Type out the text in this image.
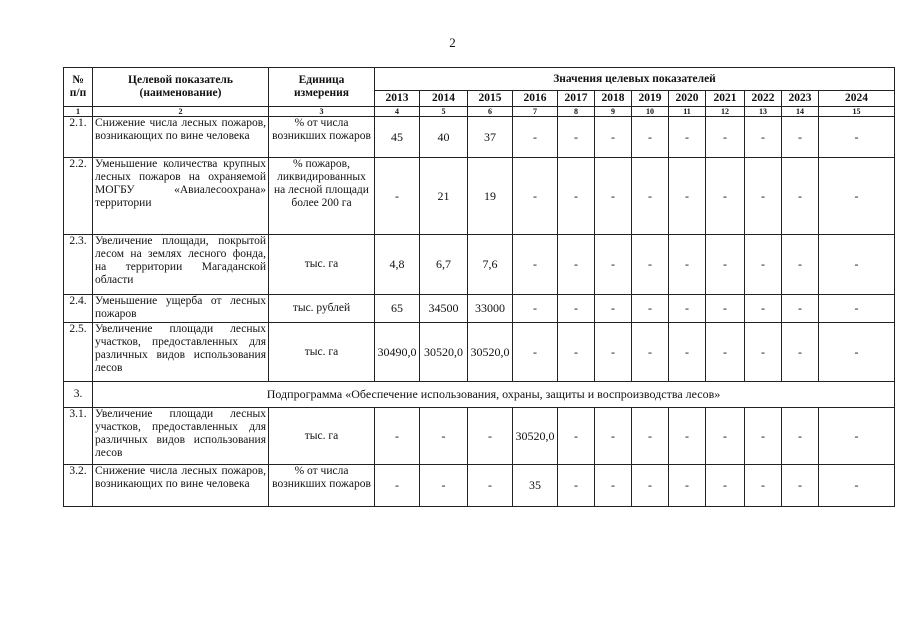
2
№ п/п	Целевой показатель (наименование)	Единица измерения	Значения целевых показателей											
			2013	2014	2015	2016	2017	2018	2019	2020	2021	2022	2023	2024
1	2	3	4	5	6	7	8	9	10	11	12	13	14	15
2.1.	Снижение числа лесных пожаров, возникающих по вине человека	% от числа возникших пожаров	45	40	37	-	-	-	-	-	-	-	-	-
2.2.	Уменьшение количества крупных лесных пожаров на охраняемой МОГБУ «Авиалесоохрана» территории	% пожаров, ликвидированных на лесной площади более 200 га	-	21	19	-	-	-	-	-	-	-	-	-
2.3.	Увеличение площади, покрытой лесом на землях лесного фонда, на территории Магаданской области	тыс. га	4,8	6,7	7,6	-	-	-	-	-	-	-	-	-
2.4.	Уменьшение ущерба от лесных пожаров	тыс. рублей	65	34500	33000	-	-	-	-	-	-	-	-	-
2.5.	Увеличение площади лесных участков, предоставленных для различных видов использования лесов	тыс. га	30490,0	30520,0	30520,0	-	-	-	-	-	-	-	-	-
3.	Подпрограмма «Обеспечение использования, охраны, защиты и воспроизводства лесов»													
3.1.	Увеличение площади лесных участков, предоставленных для различных видов использования лесов	тыс. га	-	-	-	30520,0	-	-	-	-	-	-	-	-
3.2.	Снижение числа лесных пожаров, возникающих по вине человека	% от числа возникших пожаров	-	-	-	35	-	-	-	-	-	-	-	-
